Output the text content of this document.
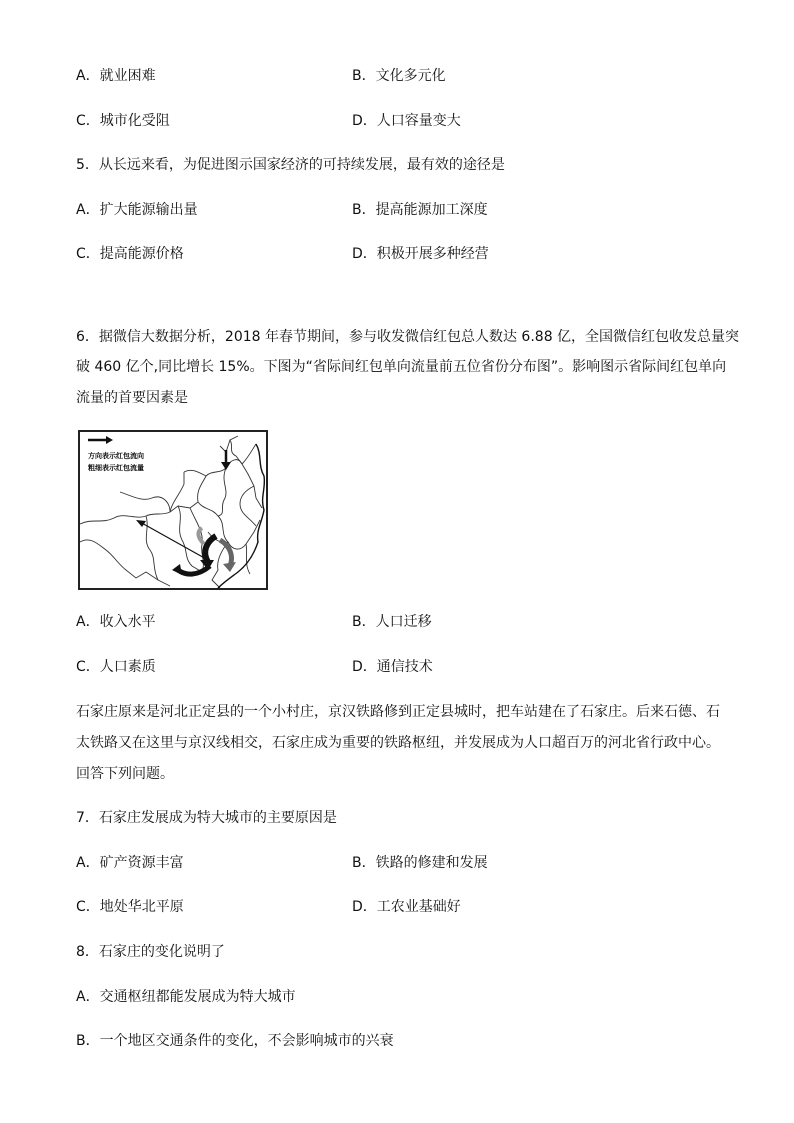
A．就业困难	B．文化多元化
C．城市化受阻	D．人口容量变大
5．从长远来看，为促进图示国家经济的可持续发展，最有效的途径是
A．扩大能源输出量	B．提高能源加工深度
C．提高能源价格	D．积极开展多种经营
6．据微信大数据分析，2018 年春节期间，参与收发微信红包总人数达 6.88 亿，全国微信红包收发总量突
破 460 亿个,同比增长 15%。下图为“省际间红包单向流量前五位省份分布图”。影响图示省际间红包单向
流量的首要因素是
方向表示红包流向
粗细表示红包流量
A．收入水平	B．人口迁移
C．人口素质	D．通信技术
石家庄原来是河北正定县的一个小村庄，京汉铁路修到正定县城时，把车站建在了石家庄。后来石德、石
太铁路又在这里与京汉线相交，石家庄成为重要的铁路枢纽，并发展成为人口超百万的河北省行政中心。
回答下列问题。
7．石家庄发展成为特大城市的主要原因是
A．矿产资源丰富	B．铁路的修建和发展
C．地处华北平原	D．工农业基础好
8．石家庄的变化说明了
A．交通枢纽都能发展成为特大城市
B．一个地区交通条件的变化，不会影响城市的兴衰
